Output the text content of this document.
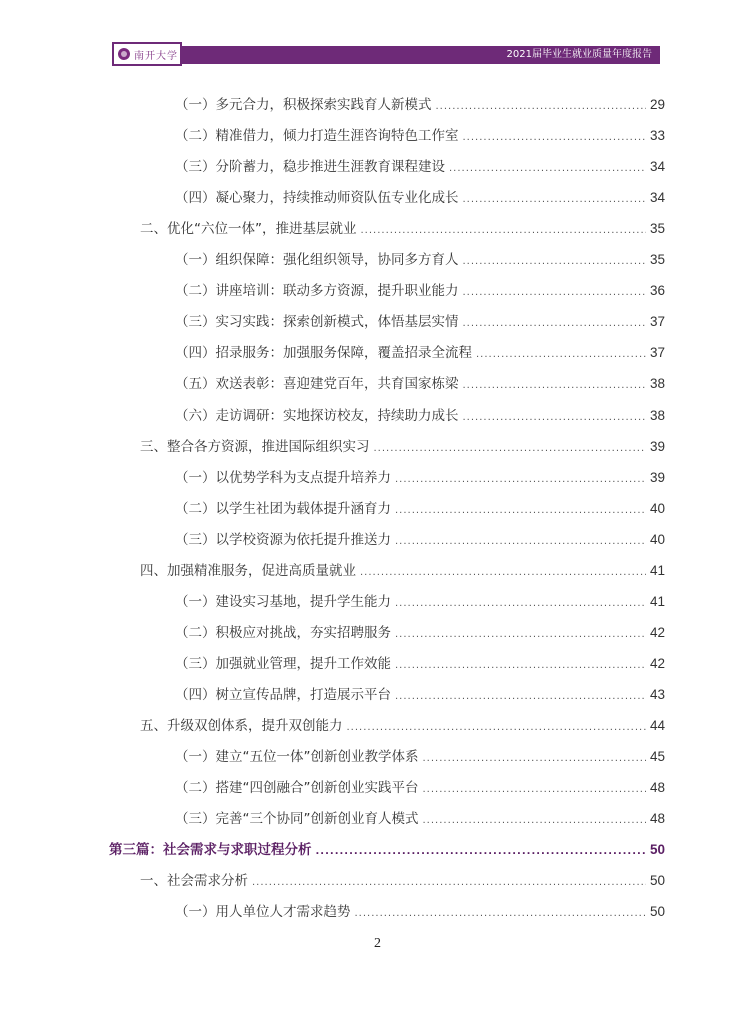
南开大学	2021届毕业生就业质量年度报告
（一）多元合力，积极探索实践育人新模式 .....	29
（二）精准借力，倾力打造生涯咨询特色工作室 .....	33
（三）分阶蓄力，稳步推进生涯教育课程建设 .....	34
（四）凝心聚力，持续推动师资队伍专业化成长 .....	34
二、优化“六位一体”，推进基层就业 .....	35
（一）组织保障：强化组织领导，协同多方育人 .....	35
（二）讲座培训：联动多方资源，提升职业能力 .....	36
（三）实习实践：探索创新模式，体悟基层实情 .....	37
（四）招录服务：加强服务保障，覆盖招录全流程 .....	37
（五）欢送表彰：喜迎建党百年，共育国家栋梁 .....	38
（六）走访调研：实地探访校友，持续助力成长 .....	38
三、整合各方资源，推进国际组织实习 .....	39
（一）以优势学科为支点提升培养力 .....	39
（二）以学生社团为载体提升涵育力 .....	40
（三）以学校资源为依托提升推送力 .....	40
四、加强精准服务，促进高质量就业 .....	41
（一）建设实习基地，提升学生能力 .....	41
（二）积极应对挑战，夯实招聘服务 .....	42
（三）加强就业管理，提升工作效能 .....	42
（四）树立宣传品牌，打造展示平台 .....	43
五、升级双创体系，提升双创能力 .....	44
（一）建立“五位一体”创新创业教学体系 .....	45
（二）搭建“四创融合”创新创业实践平台 .....	48
（三）完善“三个协同”创新创业育人模式 .....	48
第三篇：社会需求与求职过程分析 .....	50
一、社会需求分析 .....	50
（一）用人单位人才需求趋势 .....	50
2
